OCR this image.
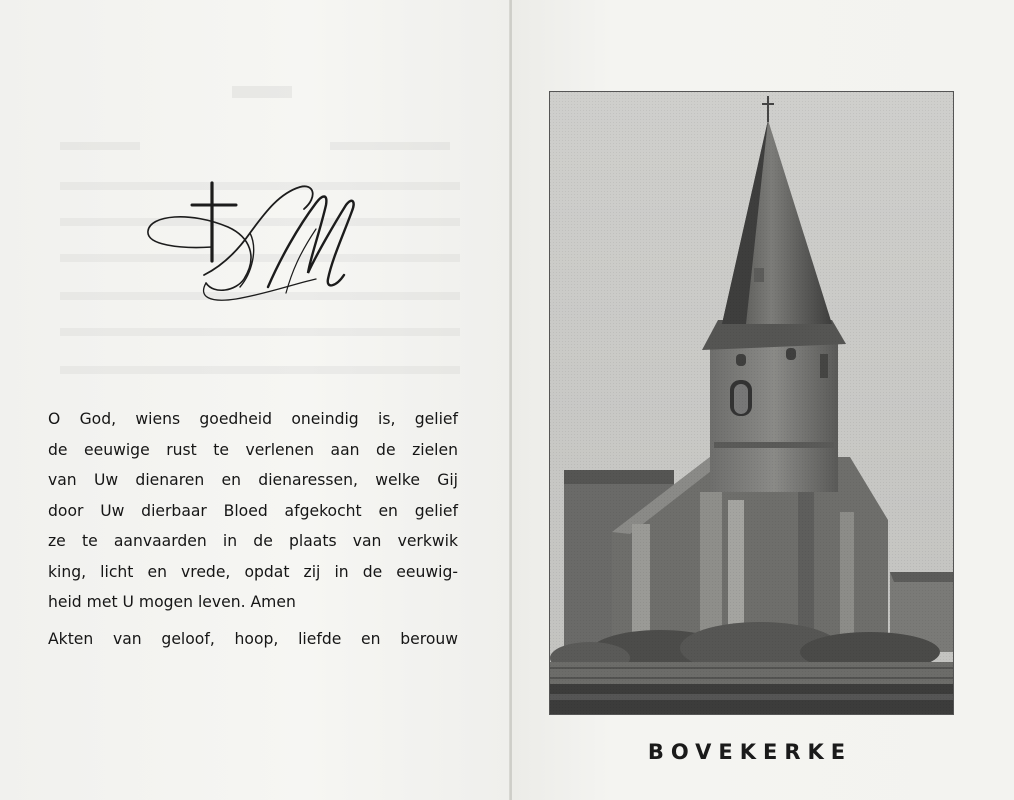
O God, wiens goedheid oneindig is, gelief
de eeuwige rust te verlenen aan de zielen
van Uw dienaren en dienaressen, welke Gij
door Uw dierbaar Bloed afgekocht en gelief
ze te aanvaarden in de plaats van verkwik
king, licht en vrede, opdat zij in de eeuwig-
heid met U mogen leven. Amen

Akten van geloof, hoop, liefde en berouw

BOVEKERKE
